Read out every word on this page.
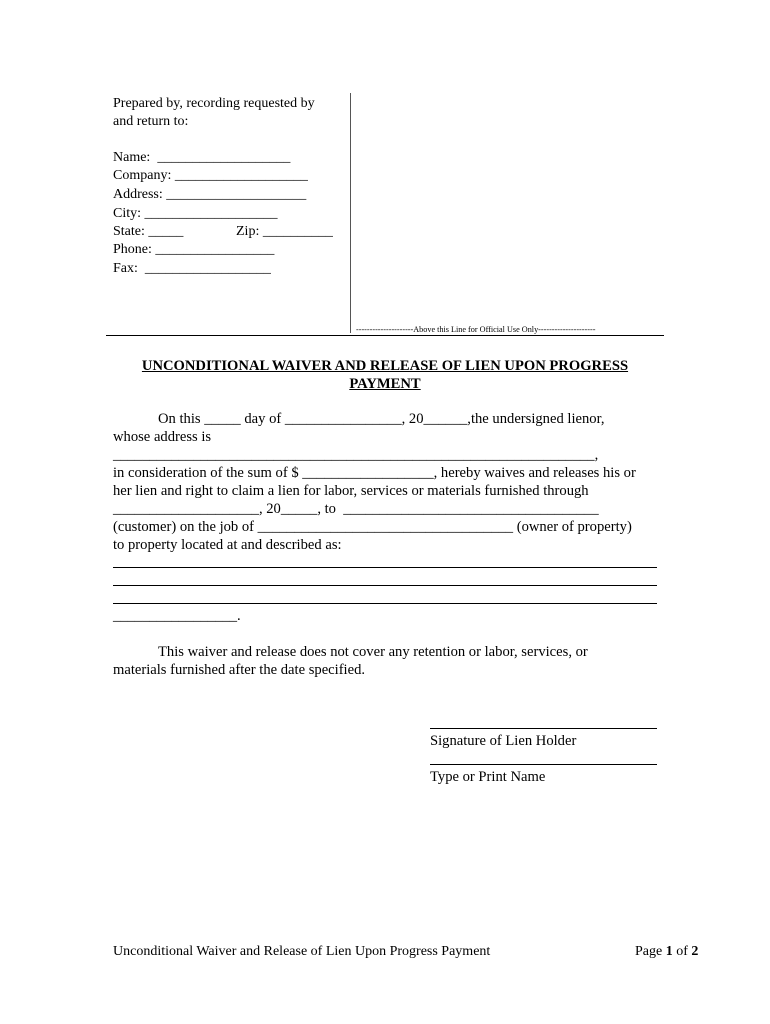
Prepared by, recording requested by
and return to:
Name:  ___________________
Company: ___________________
Address: ____________________
City: ___________________
State: _____	Zip: __________
Phone: _________________
Fax:  __________________
---------------------Above this Line for Official Use Only---------------------
UNCONDITIONAL WAIVER AND RELEASE OF LIEN UPON PROGRESS
PAYMENT
On this _____ day of ________________, 20______,the undersigned lienor,
whose address is
__________________________________________________________________,
in consideration of the sum of $ __________________, hereby waives and releases his or
her lien and right to claim a lien for labor, services or materials furnished through
____________________, 20_____, to  ___________________________________
(customer) on the job of ___________________________________ (owner of property)
to property located at and described as:
_________________.
This waiver and release does not cover any retention or labor, services, or
materials furnished after the date specified.
Signature of Lien Holder
Type or Print Name
Unconditional Waiver and Release of Lien Upon Progress Payment	Page 1 of 2
